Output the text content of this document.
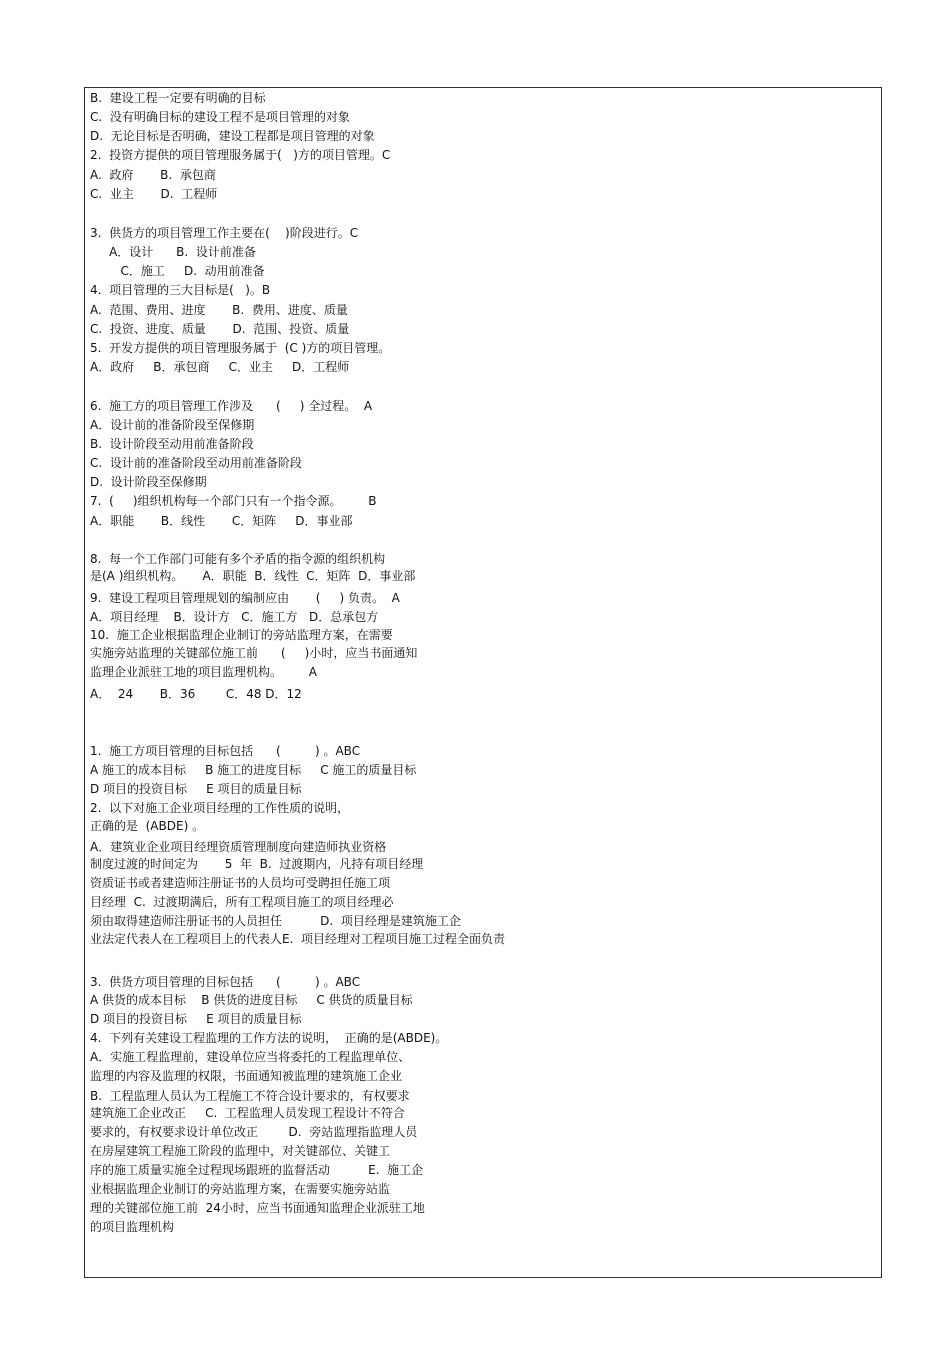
B.  建设工程一定要有明确的目标
C.  没有明确目标的建设工程不是项目管理的对象
D.  无论目标是否明确，建设工程都是项目管理的对象
2.  投资方提供的项目管理服务属于(   )方的项目管理。C
A.  政府       B.  承包商
C.  业主       D.  工程师
3.  供货方的项目管理工作主要在(    )阶段进行。C
A．设计      B.  设计前准备
C．施工     D.  动用前准备
4.  项目管理的三大目标是(   )。B
A.  范围、费用、进度       B.  费用、进度、质量
C.  投资、进度、质量       D.  范围、投资、质量
5.  开发方提供的项目管理服务属于  (C )方的项目管理。
A．政府     B．承包商     C．业主     D．工程师
6.  施工方的项目管理工作涉及      (     ) 全过程。  A
A．设计前的准备阶段至保修期
B.  设计阶段至动用前准备阶段
C.  设计前的准备阶段至动用前准备阶段
D.  设计阶段至保修期
7.  (     )组织机构每一个部门只有一个指令源。       B
A．职能       B．线性       C．矩阵     D．事业部
8.  每一个工作部门可能有多个矛盾的指令源的组织机构
是(A )组织机构。     A．职能  B．线性  C．矩阵  D．事业部
9.  建设工程项目管理规划的编制应由       (     ) 负责。  A
A．项目经理    B．设计方   C．施工方   D．总承包方
10.  施工企业根据监理企业制订的旁站监理方案，在需要
实施旁站监理的关键部位施工前      (     )小时，应当书面通知
监理企业派驻工地的项目监理机构。       A
A．  24       B．36        C．48 D．12
1.  施工方项目管理的目标包括      (         ) 。ABC
A 施工的成本目标     B 施工的进度目标     C 施工的质量目标
D 项目的投资目标     E 项目的质量目标
2.  以下对施工企业项目经理的工作性质的说明，
正确的是  (ABDE) 。
A．建筑业企业项目经理资质管理制度向建造师执业资格
制度过渡的时间定为       5  年  B.  过渡期内，凡持有项目经理
资质证书或者建造师注册证书的人员均可受聘担任施工项
目经理  C.  过渡期满后，所有工程项目施工的项目经理必
须由取得建造师注册证书的人员担任          D.  项目经理是建筑施工企
业法定代表人在工程项目上的代表人E.  项目经理对工程项目施工过程全面负责
3.  供货方项目管理的目标包括      (         ) 。ABC
A 供货的成本目标    B 供货的进度目标     C 供货的质量目标
D 项目的投资目标     E 项目的质量目标
4.  下列有关建设工程监理的工作方法的说明，  正确的是(ABDE)。
A．实施工程监理前，建设单位应当将委托的工程监理单位、
监理的内容及监理的权限，书面通知被监理的建筑施工企业
B.  工程监理人员认为工程施工不符合设计要求的，有权要求
建筑施工企业改正     C.  工程监理人员发现工程设计不符合
要求的，有权要求设计单位改正        D.  旁站监理指监理人员
在房屋建筑工程施工阶段的监理中，对关键部位、关键工
序的施工质量实施全过程现场跟班的监督活动          E.  施工企
业根据监理企业制订的旁站监理方案，在需要实施旁站监
理的关键部位施工前  24小时，应当书面通知监理企业派驻工地
的项目监理机构
